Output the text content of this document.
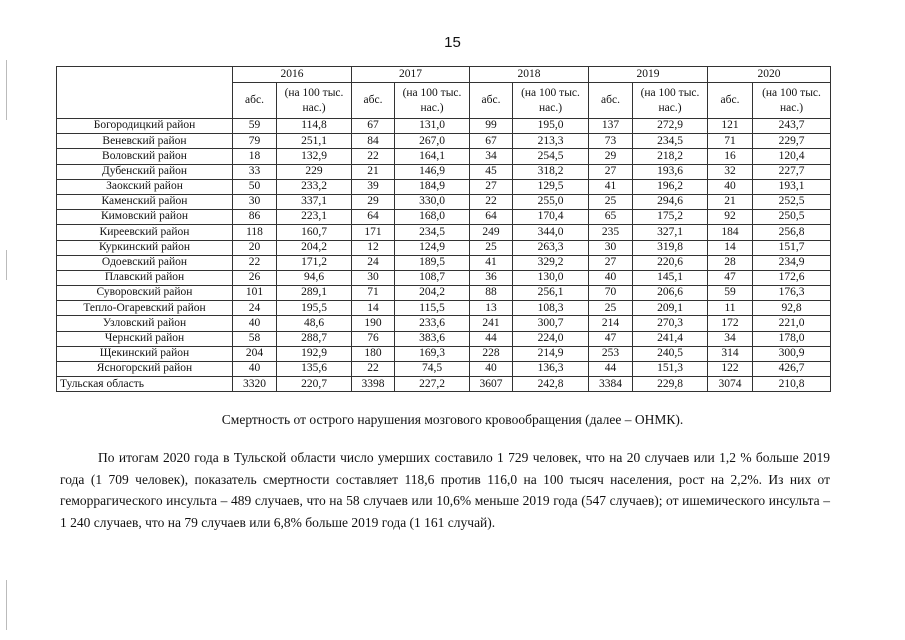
15
	2016		2017		2018		2019		2020	
	абс.	(на 100 тыс. нас.)	абс.	(на 100 тыс. нас.)	абс.	(на 100 тыс. нас.)	абс.	(на 100 тыс. нас.)	абс.	(на 100 тыс. нас.)
Богородицкий район	59	114,8	67	131,0	99	195,0	137	272,9	121	243,7
Веневский район	79	251,1	84	267,0	67	213,3	73	234,5	71	229,7
Воловский район	18	132,9	22	164,1	34	254,5	29	218,2	16	120,4
Дубенский район	33	229	21	146,9	45	318,2	27	193,6	32	227,7
Заокский район	50	233,2	39	184,9	27	129,5	41	196,2	40	193,1
Каменский район	30	337,1	29	330,0	22	255,0	25	294,6	21	252,5
Кимовский район	86	223,1	64	168,0	64	170,4	65	175,2	92	250,5
Киреевский район	118	160,7	171	234,5	249	344,0	235	327,1	184	256,8
Куркинский район	20	204,2	12	124,9	25	263,3	30	319,8	14	151,7
Одоевский район	22	171,2	24	189,5	41	329,2	27	220,6	28	234,9
Плавский район	26	94,6	30	108,7	36	130,0	40	145,1	47	172,6
Суворовский район	101	289,1	71	204,2	88	256,1	70	206,6	59	176,3
Тепло-Огаревский район	24	195,5	14	115,5	13	108,3	25	209,1	11	92,8
Узловский район	40	48,6	190	233,6	241	300,7	214	270,3	172	221,0
Чернский район	58	288,7	76	383,6	44	224,0	47	241,4	34	178,0
Щекинский район	204	192,9	180	169,3	228	214,9	253	240,5	314	300,9
Ясногорский район	40	135,6	22	74,5	40	136,3	44	151,3	122	426,7
Тульская область	3320	220,7	3398	227,2	3607	242,8	3384	229,8	3074	210,8
Смертность от острого нарушения мозгового кровообращения (далее – ОНМК).

По итогам 2020 года в Тульской области число умерших составило 1 729 человек, что на 20 случаев или 1,2 % больше 2019 года (1 709 человек), показатель смертности составляет 118,6 против 116,0 на 100 тысяч населения, рост на 2,2%. Из них от геморрагического инсульта – 489 случаев, что на 58 случаев или 10,6% меньше 2019 года (547 случаев); от ишемического инсульта – 1 240 случаев, что на 79 случаев или 6,8% больше 2019 года (1 161 случай).
